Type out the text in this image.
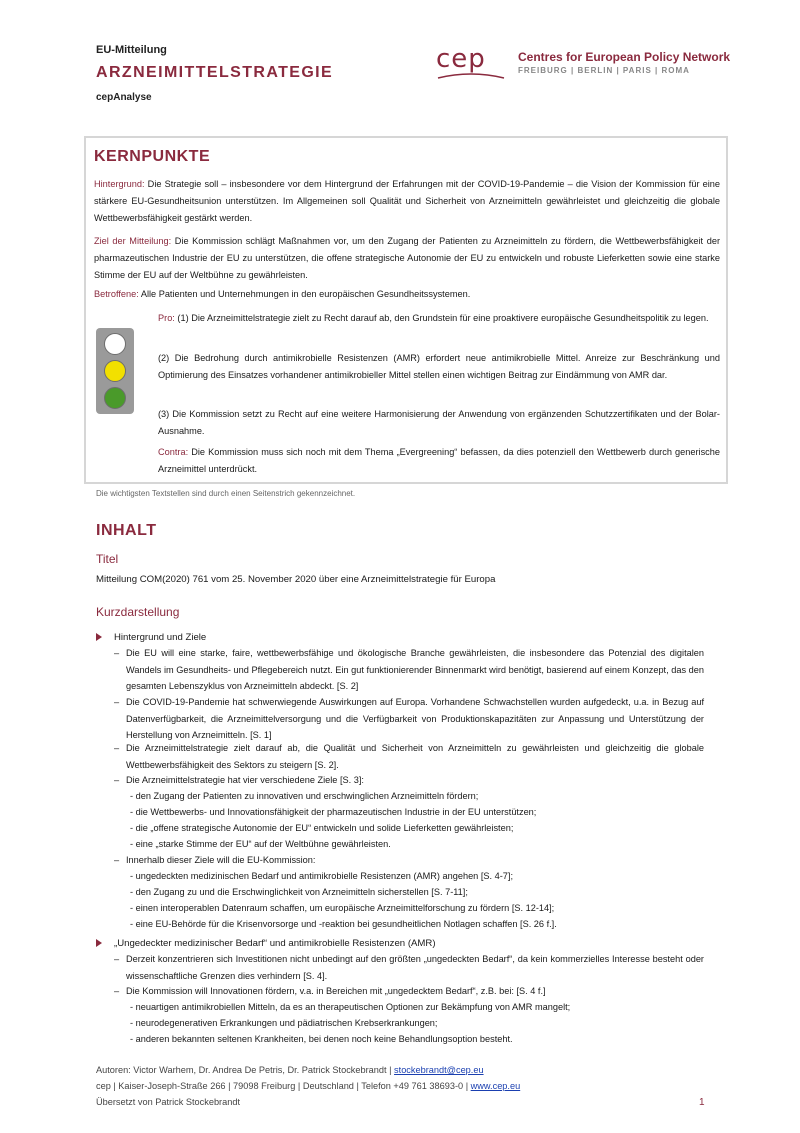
EU-Mitteilung
ARZNEIMITTELSTRATEGIE
cepAnalyse
cep	Centres for European Policy Network
FREIBURG | BERLIN | PARIS | ROMA
KERNPUNKTE

Hintergrund: Die Strategie soll – insbesondere vor dem Hintergrund der Erfahrungen mit der COVID-19-Pandemie – die Vision der Kommission für eine stärkere EU-Gesundheitsunion unterstützen. Im Allgemeinen soll Qualität und Sicherheit von Arzneimitteln gewährleistet und gleichzeitig die globale Wettbewerbsfähigkeit gestärkt werden.

Ziel der Mitteilung: Die Kommission schlägt Maßnahmen vor, um den Zugang der Patienten zu Arzneimitteln zu fördern, die Wettbewerbsfähigkeit der pharmazeutischen Industrie der EU zu unterstützen, die offene strategische Autonomie der EU zu entwickeln und robuste Lieferketten sowie eine starke Stimme der EU auf der Weltbühne zu gewährleisten.

Betroffene: Alle Patienten und Unternehmungen in den europäischen Gesundheitssystemen.

Pro: (1) Die Arzneimittelstrategie zielt zu Recht darauf ab, den Grundstein für eine proaktivere europäische Gesundheitspolitik zu legen.

(2) Die Bedrohung durch antimikrobielle Resistenzen (AMR) erfordert neue antimikrobielle Mittel. Anreize zur Beschränkung und Optimierung des Einsatzes vorhandener antimikrobieller Mittel stellen einen wichtigen Beitrag zur Eindämmung von AMR dar.

(3) Die Kommission setzt zu Recht auf eine weitere Harmonisierung der Anwendung von ergänzenden Schutzzertifikaten und der Bolar-Ausnahme.

Contra: Die Kommission muss sich noch mit dem Thema „Evergreening“ befassen, da dies potenziell den Wettbewerb durch generische Arzneimittel unterdrückt.

Die wichtigsten Textstellen sind durch einen Seitenstrich gekennzeichnet.
INHALT
Titel
Mitteilung COM(2020) 761 vom 25. November 2020 über eine Arzneimittelstrategie für Europa
Kurzdarstellung
Hintergrund und Ziele
– Die EU will eine starke, faire, wettbewerbsfähige und ökologische Branche gewährleisten, die insbesondere das Potenzial des digitalen Wandels im Gesundheits- und Pflegebereich nutzt. Ein gut funktionierender Binnenmarkt wird benötigt, basierend auf einem Konzept, das den gesamten Lebenszyklus von Arzneimitteln abdeckt. [S. 2]
– Die COVID-19-Pandemie hat schwerwiegende Auswirkungen auf Europa. Vorhandene Schwachstellen wurden aufgedeckt, u.a. in Bezug auf Datenverfügbarkeit, die Arzneimittelversorgung und die Verfügbarkeit von Produktionskapazitäten zur Anpassung und Unterstützung der Herstellung von Arzneimitteln. [S. 1]
– Die Arzneimittelstrategie zielt darauf ab, die Qualität und Sicherheit von Arzneimitteln zu gewährleisten und gleichzeitig die globale Wettbewerbsfähigkeit des Sektors zu steigern [S. 2].
– Die Arzneimittelstrategie hat vier verschiedene Ziele [S. 3]:
- den Zugang der Patienten zu innovativen und erschwinglichen Arzneimitteln fördern;
- die Wettbewerbs- und Innovationsfähigkeit der pharmazeutischen Industrie in der EU unterstützen;
- die „offene strategische Autonomie der EU“ entwickeln und solide Lieferketten gewährleisten;
- eine „starke Stimme der EU“ auf der Weltbühne gewährleisten.
– Innerhalb dieser Ziele will die EU-Kommission:
- ungedeckten medizinischen Bedarf und antimikrobielle Resistenzen (AMR) angehen [S. 4-7];
- den Zugang zu und die Erschwinglichkeit von Arzneimitteln sicherstellen [S. 7-11];
- einen interoperablen Datenraum schaffen, um europäische Arzneimittelforschung zu fördern [S. 12-14];
- eine EU-Behörde für die Krisenvorsorge und -reaktion bei gesundheitlichen Notlagen schaffen [S. 26 f.].
„Ungedeckter medizinischer Bedarf“ und antimikrobielle Resistenzen (AMR)
– Derzeit konzentrieren sich Investitionen nicht unbedingt auf den größten „ungedeckten Bedarf“, da kein kommerzielles Interesse besteht oder wissenschaftliche Grenzen dies verhindern [S. 4].
– Die Kommission will Innovationen fördern, v.a. in Bereichen mit „ungedecktem Bedarf“, z.B. bei: [S. 4 f.]
- neuartigen antimikrobiellen Mitteln, da es an therapeutischen Optionen zur Bekämpfung von AMR mangelt;
- neurodegenerativen Erkrankungen und pädiatrischen Krebserkrankungen;
- anderen bekannten seltenen Krankheiten, bei denen noch keine Behandlungsoption besteht.
Autoren: Victor Warhem, Dr. Andrea De Petris, Dr. Patrick Stockebrandt | stockebrandt@cep.eu
cep | Kaiser-Joseph-Straße 266 | 79098 Freiburg | Deutschland | Telefon +49 761 38693-0 | www.cep.eu
Übersetzt von Patrick Stockebrandt	1
